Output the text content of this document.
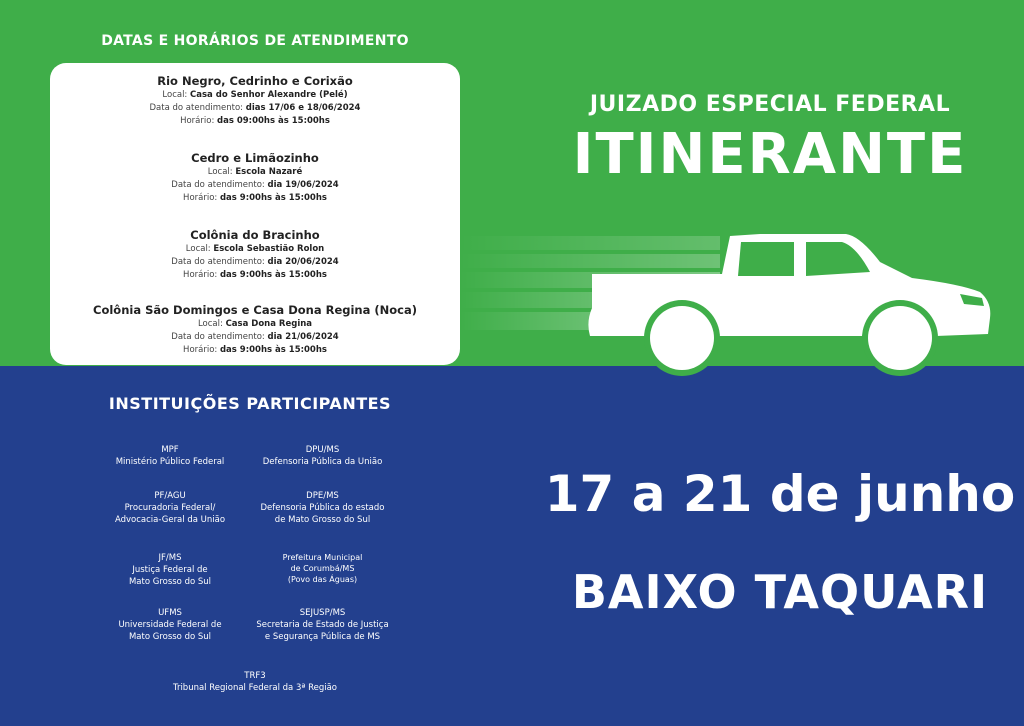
DATAS E HORÁRIOS DE ATENDIMENTO
Rio Negro, Cedrinho e Corixão
Local: Casa do Senhor Alexandre (Pelé)
Data do atendimento: dias 17/06 e 18/06/2024
Horário: das 09:00hs às 15:00hs
Cedro e Limãozinho
Local: Escola Nazaré
Data do atendimento: dia 19/06/2024
Horário: das 9:00hs às 15:00hs
Colônia do Bracinho
Local: Escola Sebastião Rolon
Data do atendimento: dia 20/06/2024
Horário: das 9:00hs às 15:00hs
Colônia São Domingos e Casa Dona Regina (Noca)
Local: Casa Dona Regina
Data do atendimento: dia 21/06/2024
Horário: das 9:00hs às 15:00hs
JUIZADO ESPECIAL FEDERAL
ITINERANTE
INSTITUIÇÕES PARTICIPANTES
MPF
Ministério Público Federal
DPU/MS
Defensoria Pública da União
PF/AGU
Procuradoria Federal/
Advocacia-Geral da União
DPE/MS
Defensoria Pública do estado
de Mato Grosso do Sul
JF/MS
Justiça Federal de
Mato Grosso do Sul
Prefeitura Municipal
de Corumbá/MS
(Povo das Águas)
UFMS
Universidade Federal de
Mato Grosso do Sul
SEJUSP/MS
Secretaria de Estado de Justiça
e Segurança Pública de MS
TRF3
Tribunal Regional Federal da 3ª Região
17 a 21 de junho
BAIXO TAQUARI
